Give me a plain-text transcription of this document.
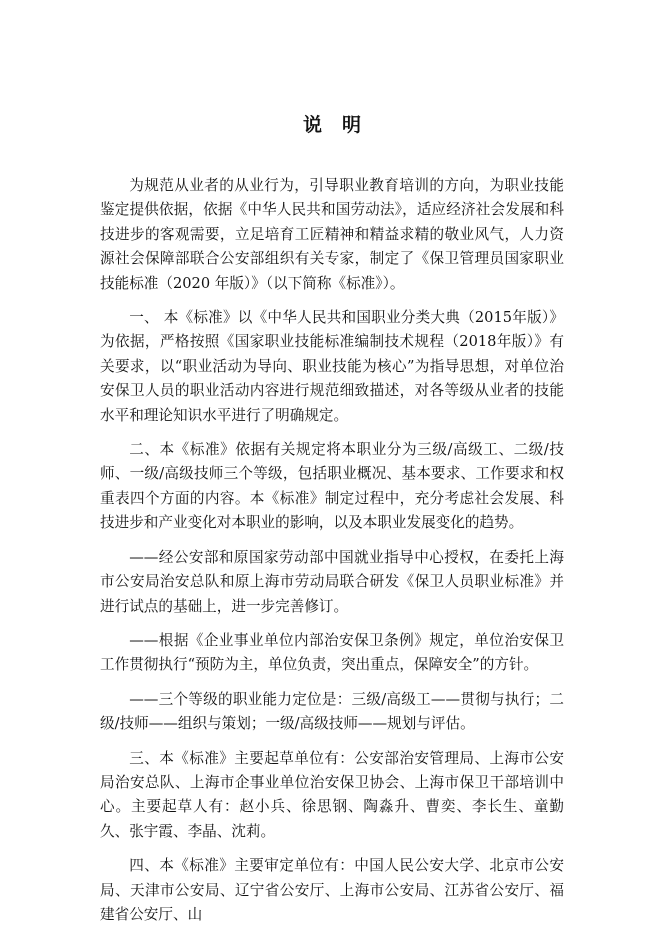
说明

为规范从业者的从业行为，引导职业教育培训的方向，为职业技能鉴定提供依据，依据《中华人民共和国劳动法》，适应经济社会发展和科技进步的客观需要，立足培育工匠精神和精益求精的敬业风气，人力资源社会保障部联合公安部组织有关专家，制定了《保卫管理员国家职业技能标准（2020 年版）》（以下简称《标准》）。

一、 本《标准》以《中华人民共和国职业分类大典（2015年版）》为依据，严格按照《国家职业技能标准编制技术规程（2018年版）》有关要求，以“职业活动为导向、职业技能为核心”为指导思想，对单位治安保卫人员的职业活动内容进行规范细致描述，对各等级从业者的技能水平和理论知识水平进行了明确规定。

二、本《标准》依据有关规定将本职业分为三级/高级工、二级/技师、一级/高级技师三个等级，包括职业概况、基本要求、工作要求和权重表四个方面的内容。本《标准》制定过程中，充分考虑社会发展、科技进步和产业变化对本职业的影响，以及本职业发展变化的趋势。

——经公安部和原国家劳动部中国就业指导中心授权，在委托上海市公安局治安总队和原上海市劳动局联合研发《保卫人员职业标准》并进行试点的基础上，进一步完善修订。

——根据《企业事业单位内部治安保卫条例》规定，单位治安保卫工作贯彻执行“预防为主，单位负责，突出重点，保障安全”的方针。

——三个等级的职业能力定位是：三级/高级工——贯彻与执行；二级/技师——组织与策划；一级/高级技师——规划与评估。

三、本《标准》主要起草单位有：公安部治安管理局、上海市公安局治安总队、上海市企事业单位治安保卫协会、上海市保卫干部培训中心。主要起草人有：赵小兵、徐思钢、陶淼升、曹奕、李长生、童勤久、张宇霞、李晶、沈莉。

四、本《标准》主要审定单位有：中国人民公安大学、北京市公安局、天津市公安局、辽宁省公安厅、上海市公安局、江苏省公安厅、福建省公安厅、山
